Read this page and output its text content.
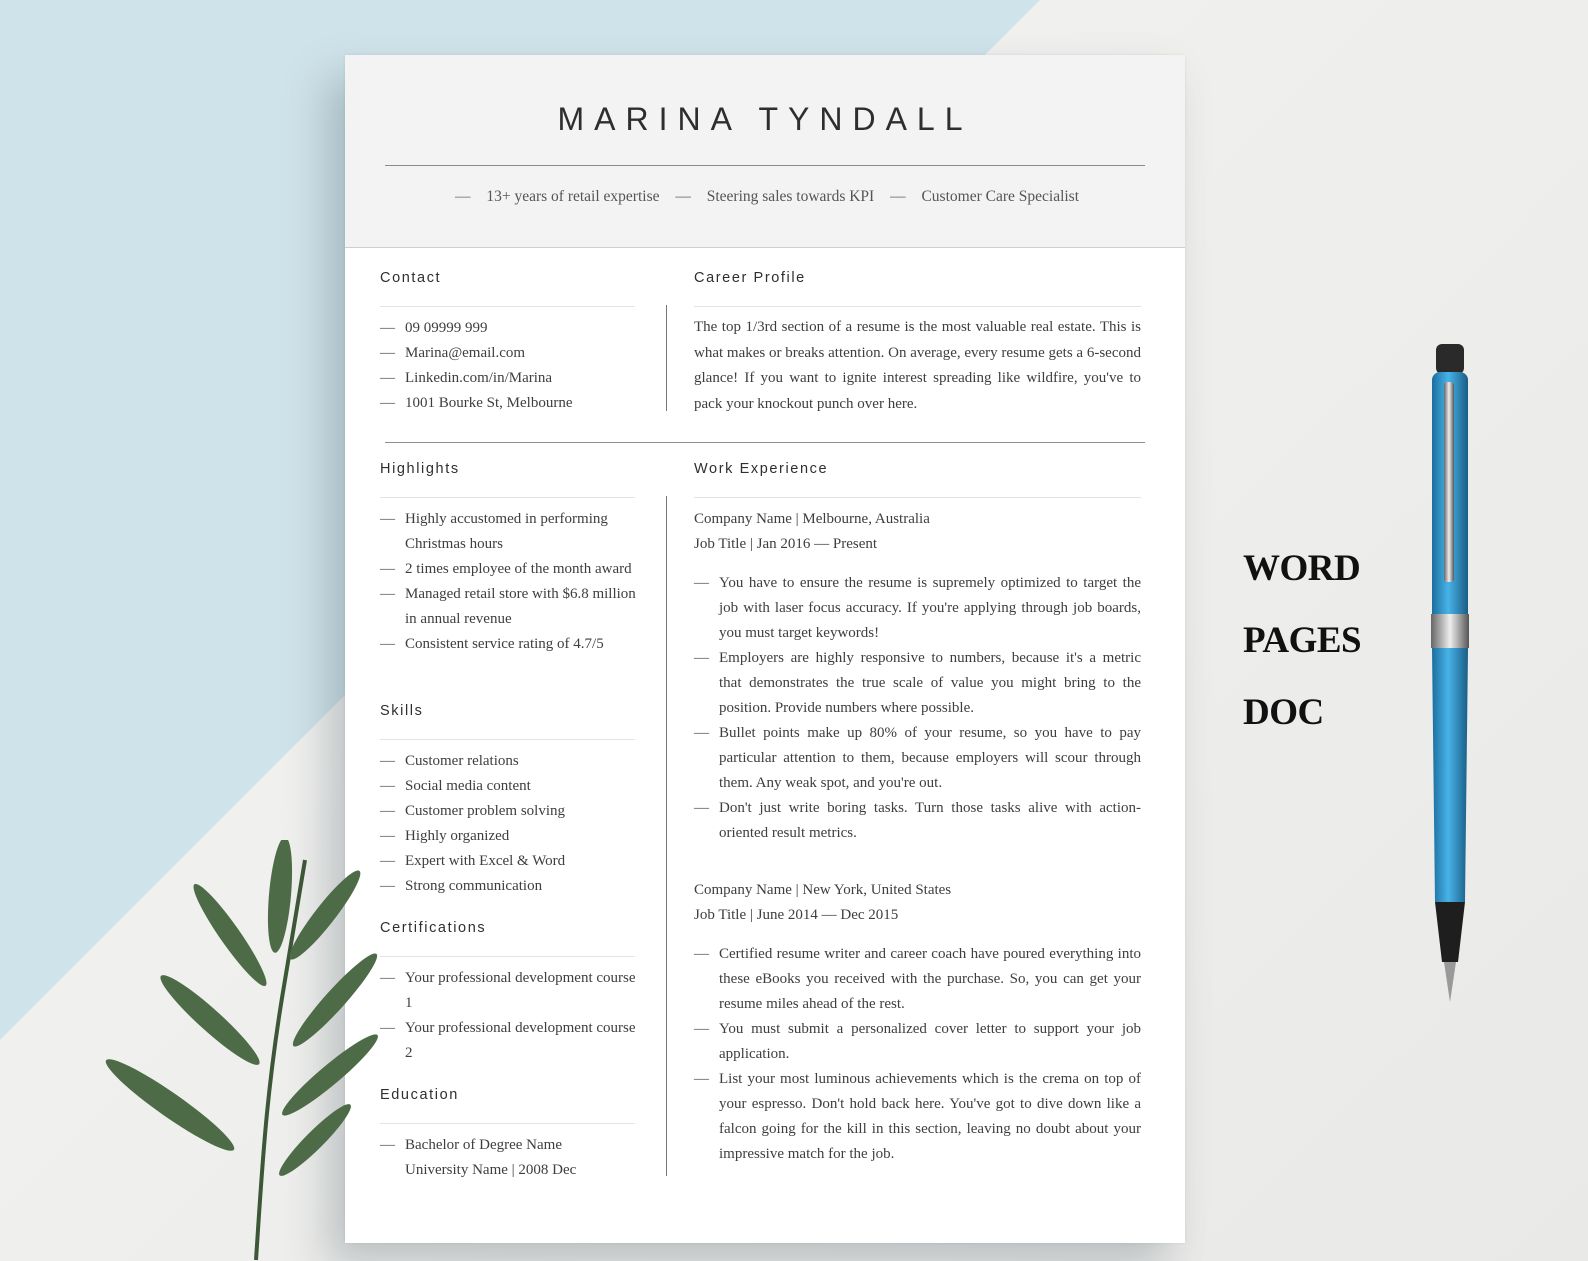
MARINA TYNDALL
— 13+ years of retail expertise — Steering sales towards KPI — Customer Care Specialist
Contact
— 09 09999 999
— Marina@email.com
— Linkedin.com/in/Marina
— 1001 Bourke St, Melbourne
Career Profile

The top 1/3rd section of a resume is the most valuable real estate. This is what makes or breaks attention. On average, every resume gets a 6-second glance! If you want to ignite interest spreading like wildfire, you've to pack your knockout punch over here.

Highlights
— Highly accustomed in performing Christmas hours
— 2 times employee of the month award
— Managed retail store with $6.8 million in annual revenue
— Consistent service rating of 4.7/5
Skills
— Customer relations
— Social media content
— Customer problem solving
— Highly organized
— Expert with Excel & Word
— Strong communication
Certifications
— Your professional development course 1
— Your professional development course 2
Education
— Bachelor of Degree Name University Name | 2008 Dec
Work Experience

Company Name | Melbourne, Australia

Job Title | Jan 2016 — Present

— You have to ensure the resume is supremely optimized to target the job with laser focus accuracy. If you're applying through job boards, you must target keywords!
— Employers are highly responsive to numbers, because it's a metric that demonstrates the true scale of value you might bring to the position. Provide numbers where possible.
— Bullet points make up 80% of your resume, so you have to pay particular attention to them, because employers will scour through them. Any weak spot, and you're out.
— Don't just write boring tasks. Turn those tasks alive with action-oriented result metrics.

Company Name | New York, United States

Job Title | June 2014 — Dec 2015

— Certified resume writer and career coach have poured everything into these eBooks you received with the purchase. So, you can get your resume miles ahead of the rest.
— You must submit a personalized cover letter to support your job application.
— List your most luminous achievements which is the crema on top of your espresso. Don't hold back here. You've got to dive down like a falcon going for the kill in this section, leaving no doubt about your impressive match for the job.
WORD
PAGES
DOC
